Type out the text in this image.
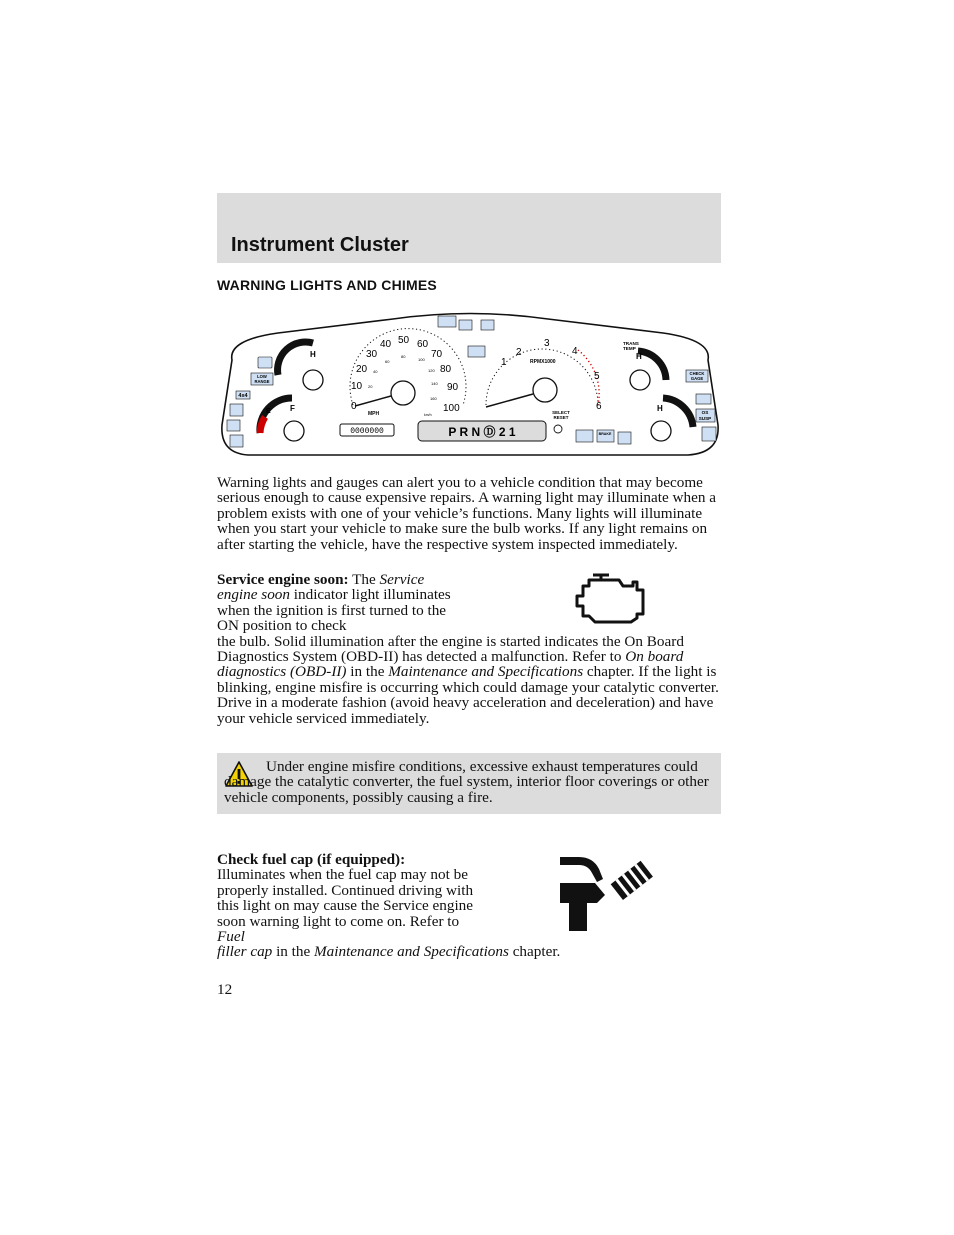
Instrument Cluster
WARNING LIGHTS AND CHIMES
H
E F
LOW
RANGE
4x4
0
10
20
30
40 50 60
70
80
90
100
20
40
60
80
100
120
140
160
MPH	km/h
1
2
3
4
5
6
RPMX1000
SELECT
RESET
TRANS
TEMP
H
H
CHECK
GAGE
OS
SUSP
0000000	P R N Ⓓ 2 1	BRAKE

Warning lights and gauges can alert you to a vehicle condition that may become serious enough to cause expensive repairs. A warning light may illuminate when a problem exists with one of your vehicle’s functions. Many lights will illuminate when you start your vehicle to make sure the bulb works. If any light remains on after starting the vehicle, have the respective system inspected immediately.

Service engine soon: The Service engine soon indicator light illuminates when the ignition is first turned to the ON position to check

the bulb. Solid illumination after the engine is started indicates the On Board Diagnostics System (OBD-II) has detected a malfunction. Refer to On board diagnostics (OBD-II) in the Maintenance and Specifications chapter. If the light is blinking, engine misfire is occurring which could damage your catalytic converter. Drive in a moderate fashion (avoid heavy acceleration and deceleration) and have your vehicle serviced immediately.

Under engine misfire conditions, excessive exhaust temperatures could damage the catalytic converter, the fuel system, interior floor coverings or other vehicle components, possibly causing a fire.

Check fuel cap (if equipped): Illuminates when the fuel cap may not be properly installed. Continued driving with this light on may cause the Service engine soon warning light to come on. Refer to Fuel

filler cap in the Maintenance and Specifications chapter.

12
